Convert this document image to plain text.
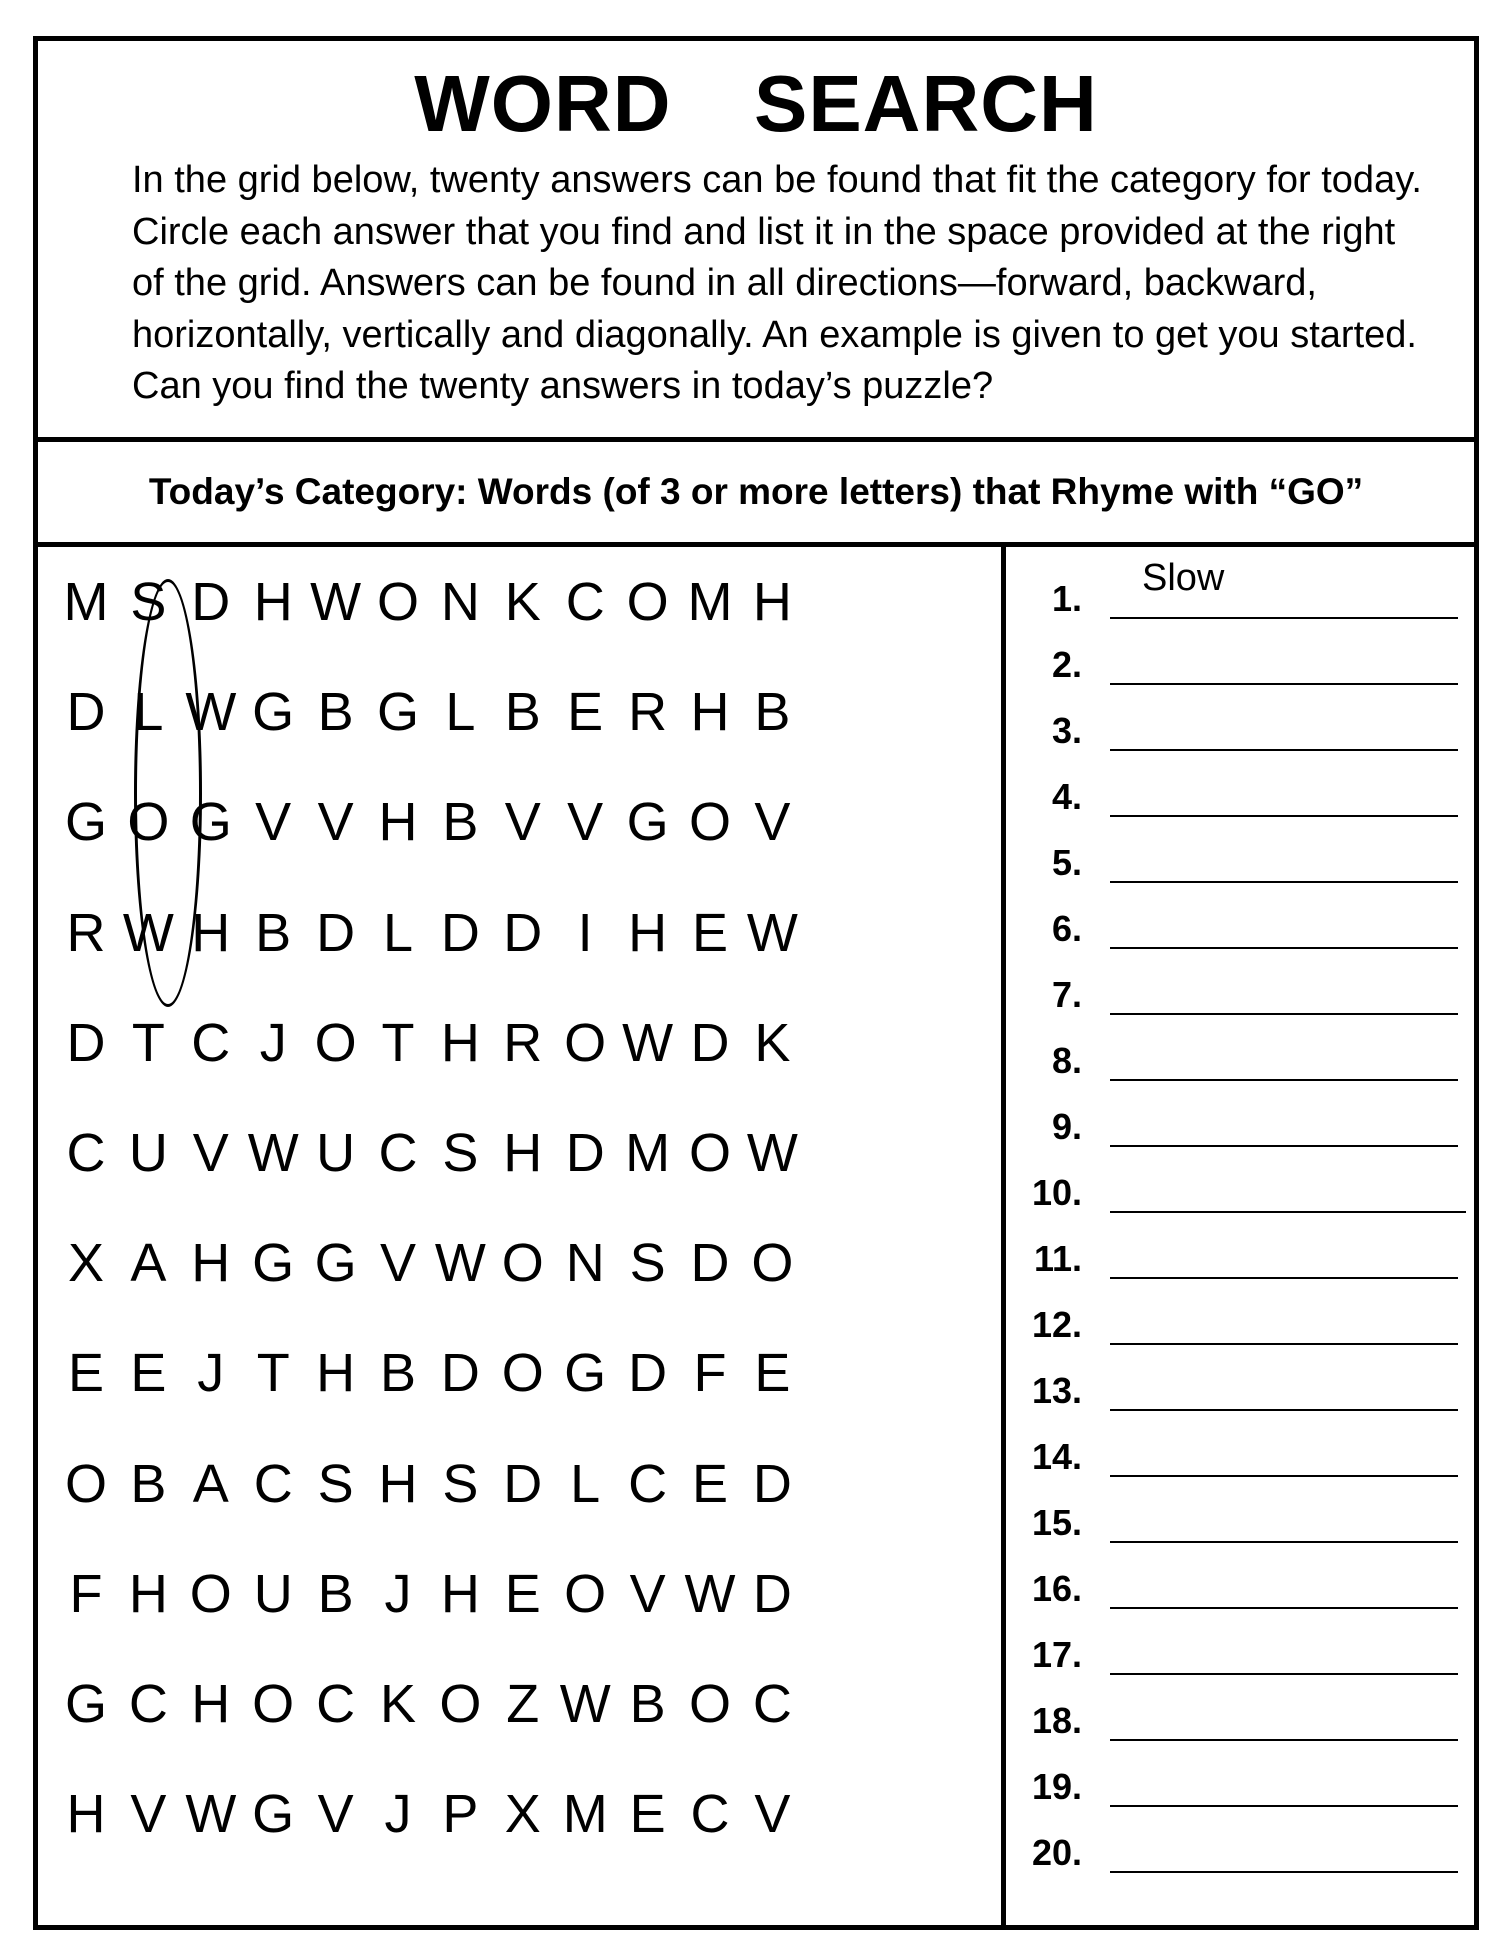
WORD  SEARCH
In the grid below, twenty answers can be found that fit the category for today. Circle each answer that you find and list it in the space provided at the right of the grid. Answers can be found in all directions—forward, backward, horizontally, vertically and diagonally. An example is given to get you started. Can you find the twenty answers in today’s puzzle?
Today’s Category: Words (of 3 or more letters) that Rhyme with “GO”
M S D H W O N K C O M H
D L W G B G L B E R H B
G O G V V H B V V G O V
R W H B D L D D I H E W
D T C J O T H R O W D K
C U V W U C S H D M O W
X A H G G V W O N S D O
E E J T H B D O G D F E
O B A C S H S D L C E D
F H O U B J H E O V W D
G C H O C K O Z W B O C
H V W G V J P X M E C V
1. Slow
2.
3.
4.
5.
6.
7.
8.
9.
10.
11.
12.
13.
14.
15.
16.
17.
18.
19.
20.
